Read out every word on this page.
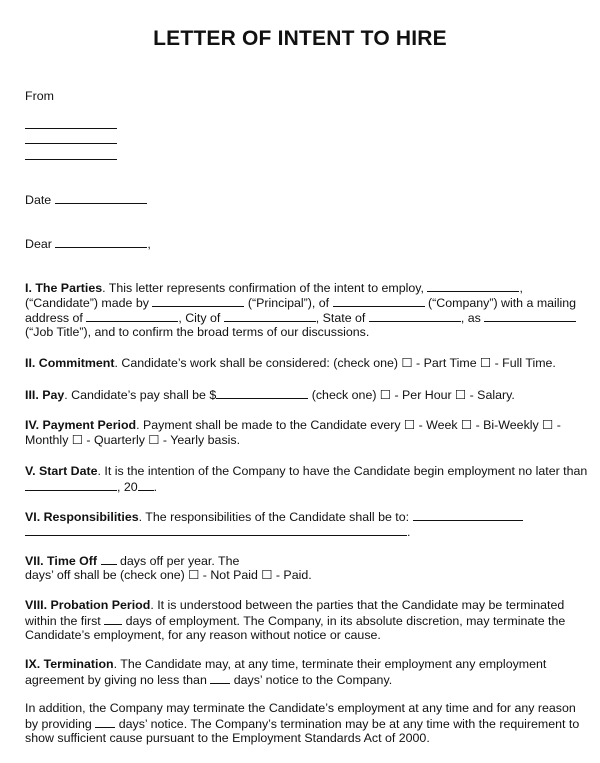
LETTER OF INTENT TO HIRE
From
Date
Dear	,
I. The Parties. This letter represents confirmation of the intent to employ,	,
(“Candidate”) made by	(“Principal”), of	(“Company”) with a mailing
address of	, City of	, State of	, as
(“Job Title”), and to confirm the broad terms of our discussions.
II. Commitment. Candidate’s work shall be considered: (check one) ☐ - Part Time ☐ - Full Time.
III. Pay. Candidate’s pay shall be $	(check one) ☐ - Per Hour ☐ - Salary.
IV. Payment Period. Payment shall be made to the Candidate every ☐ - Week ☐ - Bi-Weekly ☐ -
Monthly ☐ - Quarterly ☐ - Yearly basis.
V. Start Date. It is the intention of the Company to have the Candidate begin employment no later than
, 20 .
VI. Responsibilities. The responsibilities of the Candidate shall be to:
.
VII. Time Off days off per year. The
days’ off shall be (check one) ☐ - Not Paid ☐ - Paid.
VIII. Probation Period. It is understood between the parties that the Candidate may be terminated
within the first days of employment. The Company, in its absolute discretion, may terminate the
Candidate’s employment, for any reason without notice or cause.
IX. Termination. The Candidate may, at any time, terminate their employment any employment
agreement by giving no less than days’ notice to the Company.
In addition, the Company may terminate the Candidate’s employment at any time and for any reason
by providing days’ notice. The Company’s termination may be at any time with the requirement to
show sufficient cause pursuant to the Employment Standards Act of 2000.
